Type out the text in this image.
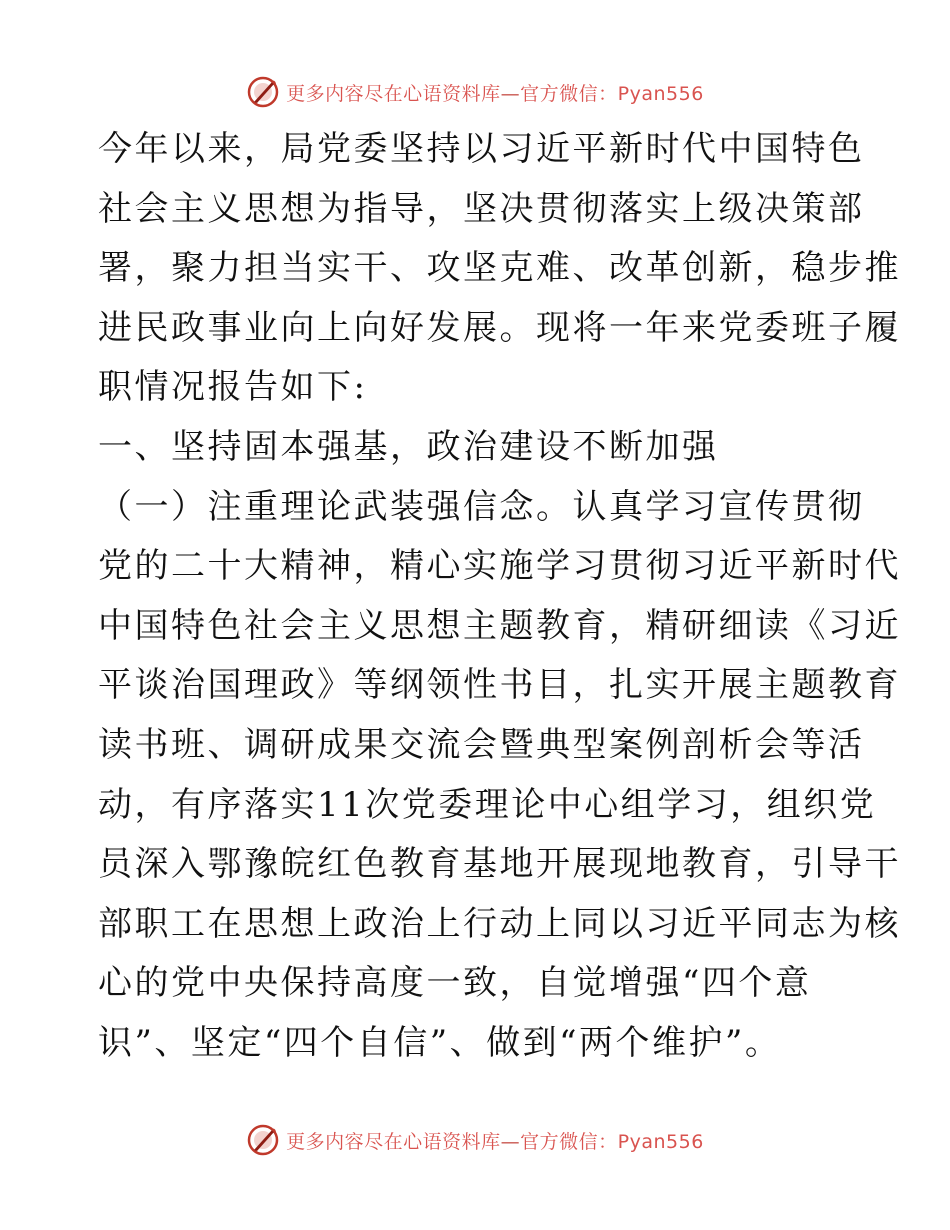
更多内容尽在心语资料库—官方微信：Pyan556
今年以来，局党委坚持以习近平新时代中国特色
社会主义思想为指导，坚决贯彻落实上级决策部
署，聚力担当实干、攻坚克难、改革创新，稳步推
进民政事业向上向好发展。现将一年来党委班子履
职情况报告如下:
一、坚持固本强基，政治建设不断加强
（一）注重理论武装强信念。认真学习宣传贯彻
党的二十大精神，精心实施学习贯彻习近平新时代
中国特色社会主义思想主题教育，精研细读《习近
平谈治国理政》等纲领性书目，扎实开展主题教育
读书班、调研成果交流会暨典型案例剖析会等活
动，有序落实11次党委理论中心组学习，组织党
员深入鄂豫皖红色教育基地开展现地教育，引导干
部职工在思想上政治上行动上同以习近平同志为核
心的党中央保持高度一致，自觉增强“四个意
识”、坚定“四个自信”、做到“两个维护”。
更多内容尽在心语资料库—官方微信：Pyan556
